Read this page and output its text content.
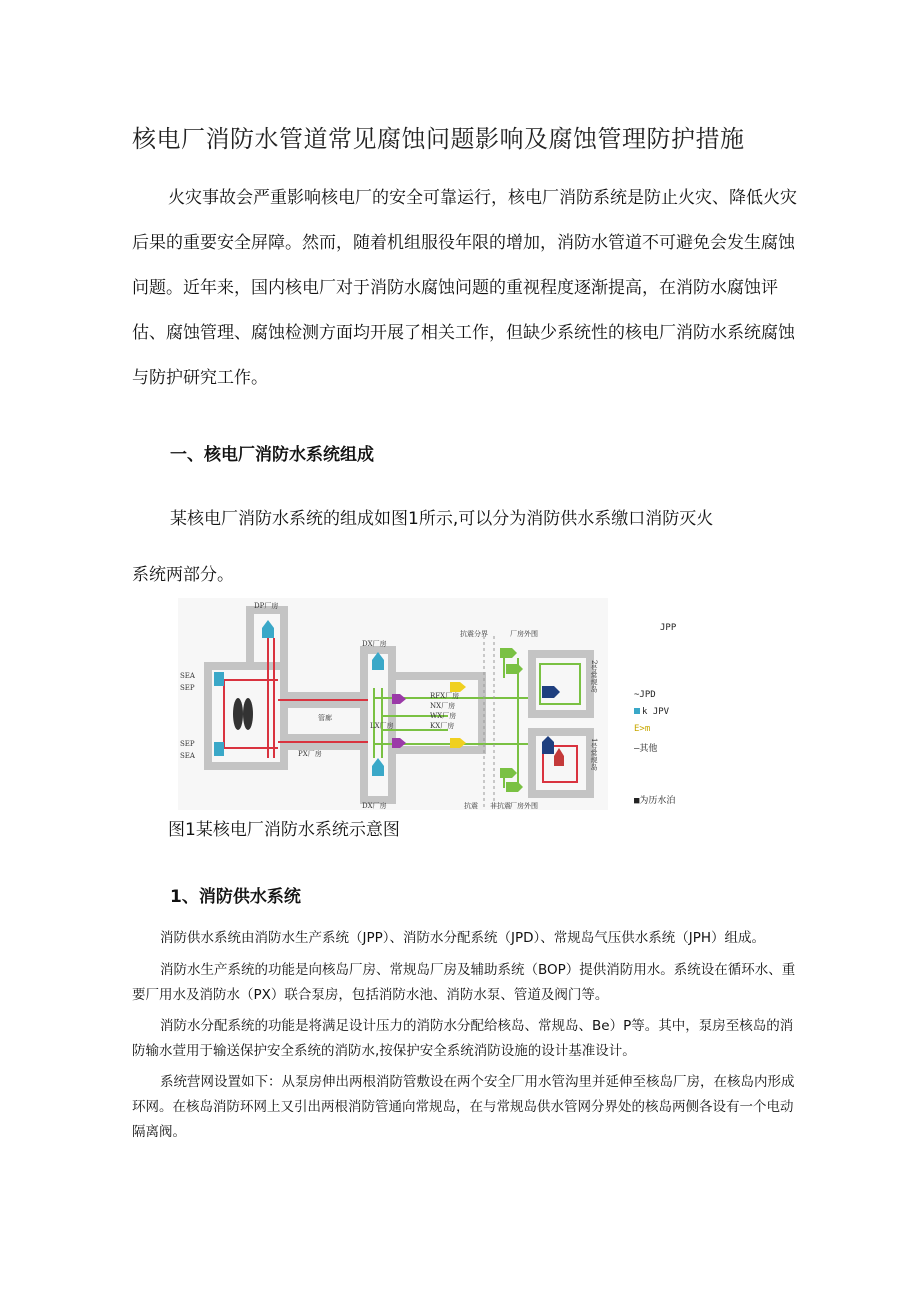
核电厂消防水管道常见腐蚀问题影响及腐蚀管理防护措施
火灾事故会严重影响核电厂的安全可靠运行，核电厂消防系统是防止火灾、降低火灾后果的重要安全屏障。然而，随着机组服役年限的增加，消防水管道不可避免会发生腐蚀问题。近年来，国内核电厂对于消防水腐蚀问题的重视程度逐渐提高，在消防水腐蚀评估、腐蚀管理、腐蚀检测方面均开展了相关工作，但缺少系统性的核电厂消防水系统腐蚀与防护研究工作。
一、核电厂消防水系统组成
某核电厂消防水系统的组成如图1所示,可以分为消防供水系缴口消防灭火
系统两部分。
DP厂房
DX厂房
DX厂房
抗震分界	厂房外围
厂房外围
抗震 非抗震
2号常规岛
1号常规岛
SEA
SEP
SEP
SEA
管廊
PX厂房
LX厂房
RFX厂房
NX厂房
WX厂房
KX厂房
JPP
~JPD
k JPV
E>m
—其他
■为历水泊
图1某核电厂消防水系统示意图
1、消防供水系统
消防供水系统由消防水生产系统（JPP）、消防水分配系统（JPD）、常规岛气压供水系统（JPH）组成。
消防水生产系统的功能是向核岛厂房、常规岛厂房及辅助系统（BOP）提供消防用水。系统设在循环水、重要厂用水及消防水（PX）联合泵房，包括消防水池、消防水泵、管道及阀门等。
消防水分配系统的功能是将满足设计压力的消防水分配给核岛、常规岛、Be）P等。其中，泵房至核岛的消防输水萱用于输送保护安全系统的消防水,按保护安全系统消防设施的设计基准设计。
系统营网设置如下：从泵房伸出两根消防管敷设在两个安全厂用水管沟里并延伸至核岛厂房，在核岛内形成环网。在核岛消防环网上又引出两根消防管通向常规岛，在与常规岛供水管网分界处的核岛两侧各设有一个电动隔离阀。
